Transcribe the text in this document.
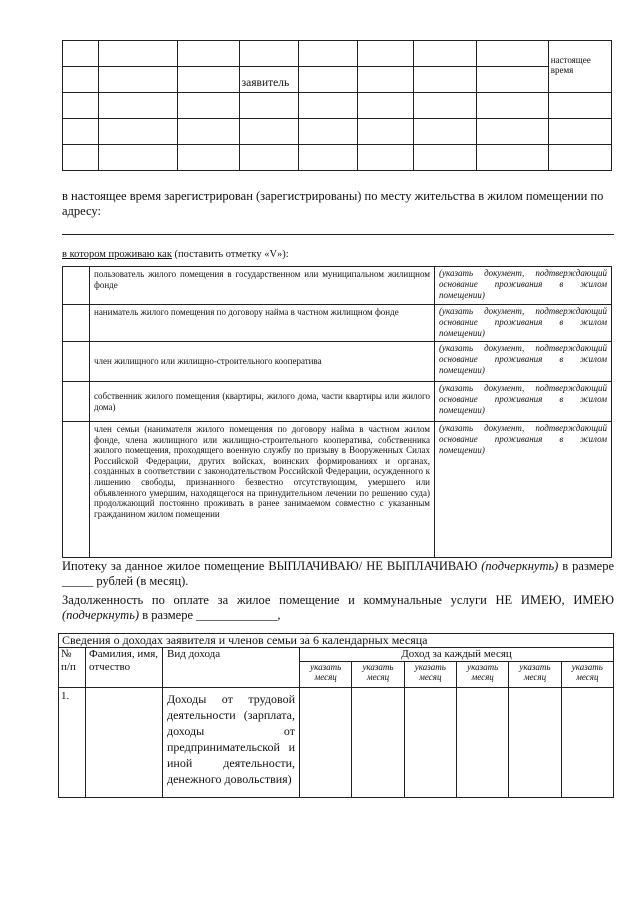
								настоящее время

			заявитель					

в настоящее время зарегистрирован (зарегистрированы) по месту жительства в жилом помещении по адресу:
в котором проживаю как (поставить отметку «V»):

	пользователь жилого помещения в государственном или муниципальном жилищном фонде	(указать документ, подтверждающий основание проживания в жилом помещении)

	наниматель жилого помещения по договору найма в частном жилищном фонде	(указать документ, подтверждающий основание проживания в жилом помещении)

	член жилищного или жилищно-строительного кооператива	(указать документ, подтверждающий основание проживания в жилом помещении)

	собственник жилого помещения (квартиры, жилого дома, части квартиры или жилого дома)	(указать документ, подтверждающий основание проживания в жилом помещении)

	член семьи (нанимателя жилого помещения по договору найма в частном жилом фонде, члена жилищного или жилищно-строительного кооператива, собственника жилого помещения, проходящего военную службу по призыву в Вооруженных Силах Российской Федерации, других войсках, воинских формированиях и органах, созданных в соответствии с законодательством Российской Федерации, осужденного к лишению свободы, признанного безвестно отсутствующим, умершего или объявленного умершим, находящегося на принудительном лечении по решению суда) продолжающий постоянно проживать в ранее занимаемом совместно с указанным гражданином жилом помещении	(указать документ, подтверждающий основание проживания в жилом помещении)
Ипотеку за данное жилое помещение ВЫПЛАЧИВАЮ/ НЕ ВЫПЛАЧИВАЮ (подчеркнуть) в размере _____ рублей (в месяц).
Задолженность по оплате за жилое помещение и коммунальные услуги НЕ ИМЕЮ, ИМЕЮ (подчеркнуть) в размере _____________,
Сведения о доходах заявителя и членов семьи за 6 календарных месяца								

№ п/п	Фамилия, имя, отчество	Вид дохода	Доход за каждый месяц					

			указать месяц	указать месяц	указать месяц	указать месяц	указать месяц	указать месяц

1.		Доходы от трудовой деятельности (зарплата, доходы от предпринимательской и иной деятельности, денежного довольствия)						
